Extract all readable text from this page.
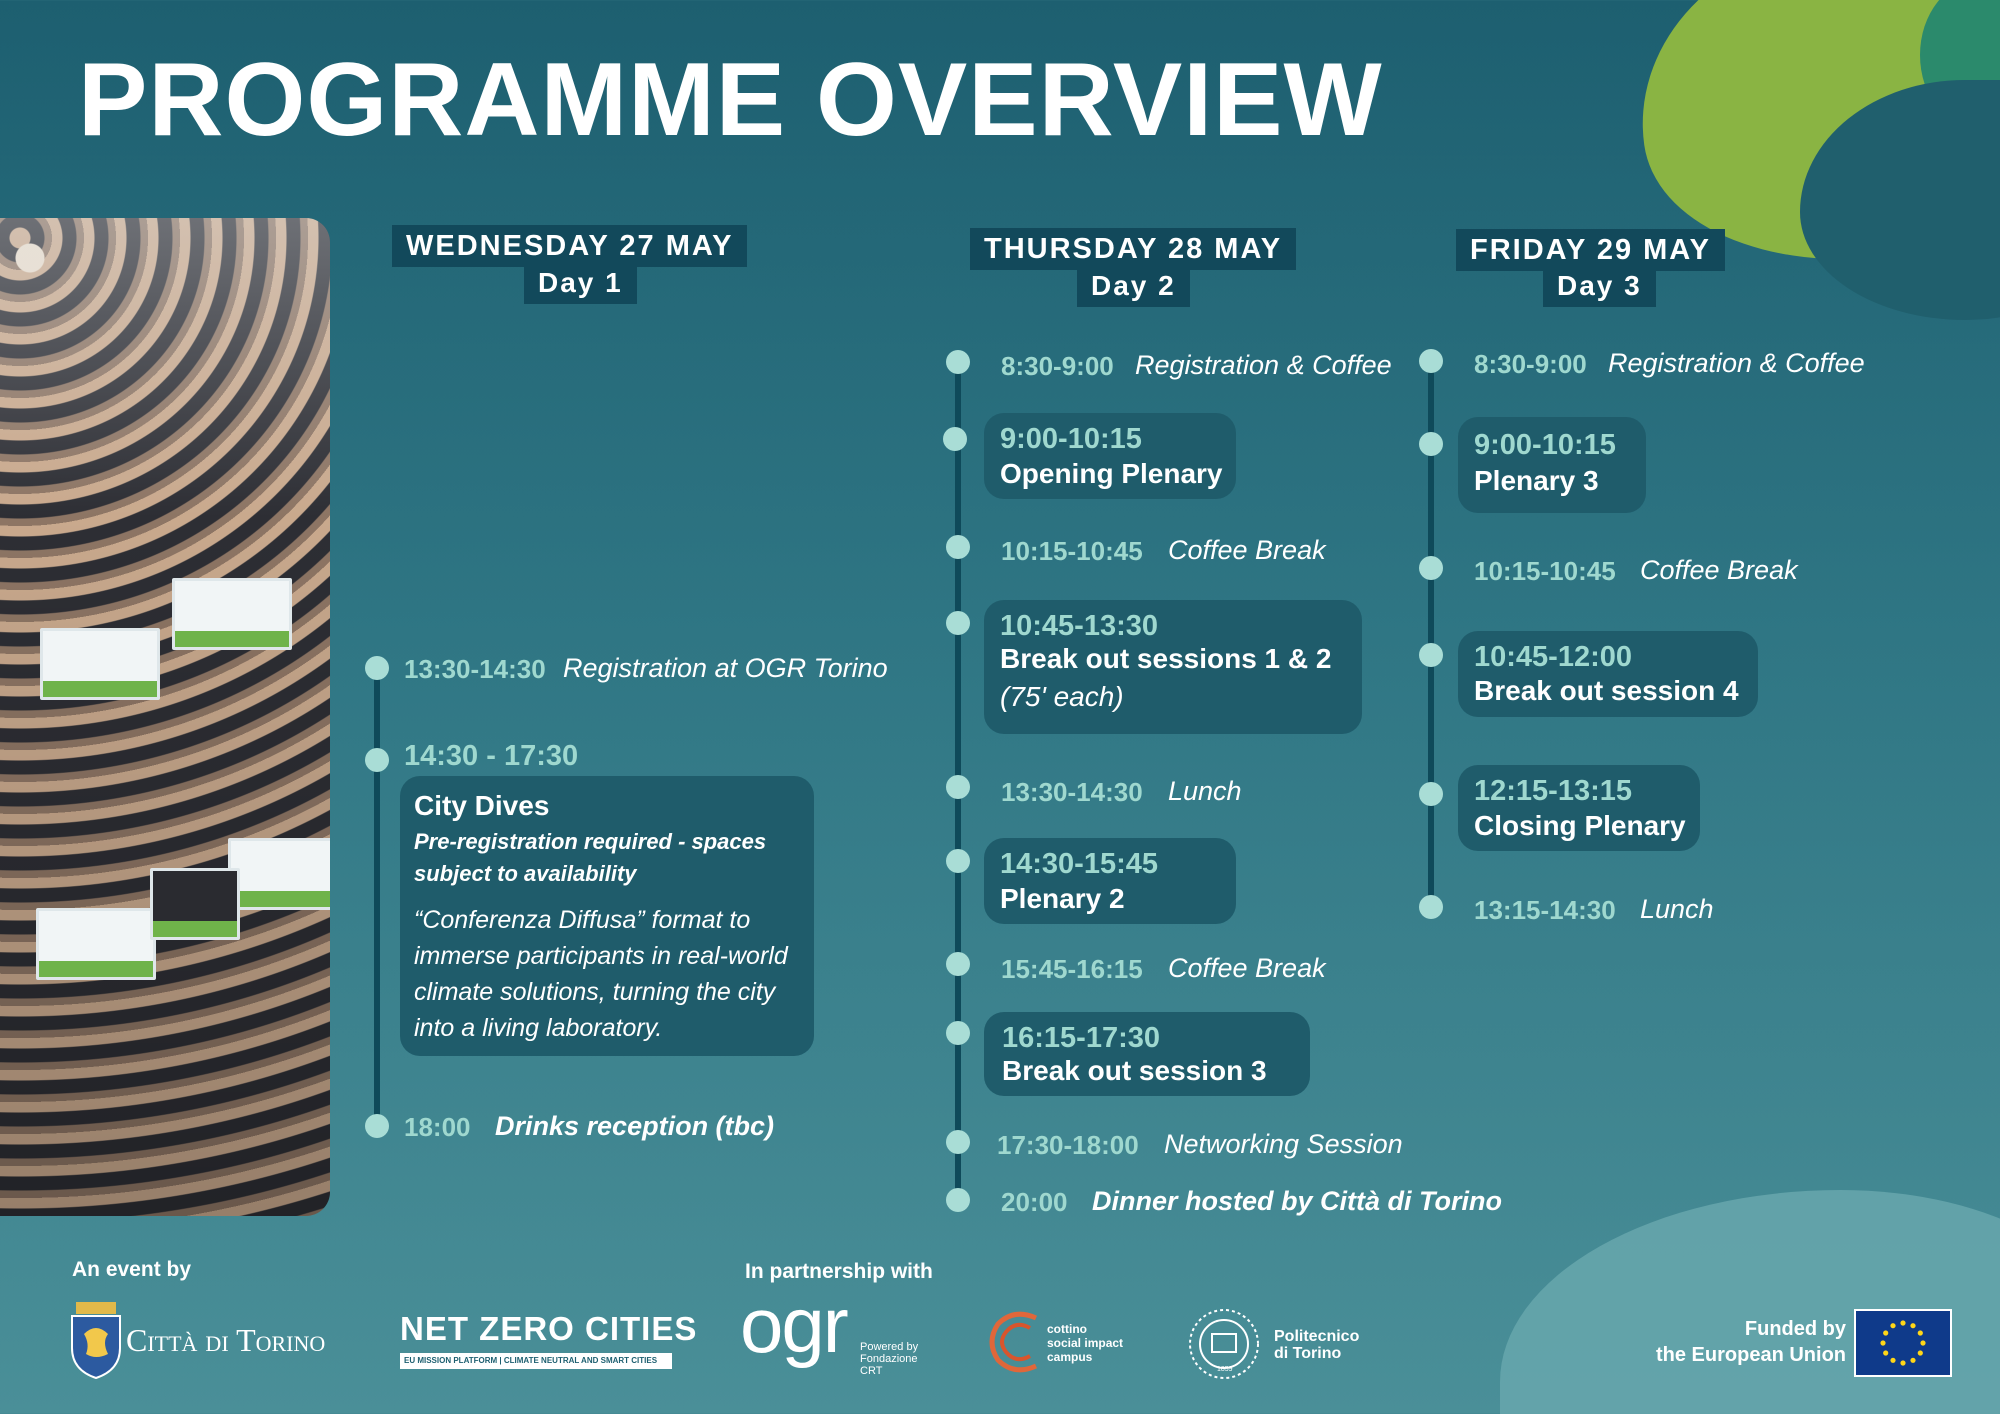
PROGRAMME OVERVIEW
WEDNESDAY 27 MAY
Day 1
13:30-14:30 Registration at OGR Torino
14:30 - 17:30
City Dives
Pre-registration required - spaces subject to availability
“Conferenza Diffusa” format to immerse participants in real-world climate solutions, turning the city into a living laboratory.
18:00 Drinks reception (tbc)
THURSDAY 28 MAY
Day 2
8:30-9:00 Registration & Coffee
9:00-10:15
Opening Plenary
10:15-10:45 Coffee Break
10:45-13:30
Break out sessions 1 & 2
(75' each)
13:30-14:30 Lunch
14:30-15:45
Plenary 2
15:45-16:15 Coffee Break
16:15-17:30
Break out session 3
17:30-18:00 Networking Session
20:00 Dinner hosted by Città di Torino
FRIDAY 29 MAY
Day 3
8:30-9:00 Registration & Coffee
9:00-10:15
Plenary 3
10:15-10:45 Coffee Break
10:45-12:00
Break out session 4
12:15-13:15
Closing Plenary
13:15-14:30 Lunch
An event by	In partnership with
Città di Torino NET ZERO CITIES
EU MISSION PLATFORM | CLIMATE NEUTRAL AND SMART CITIES ogr Powered by
Fondazione
CRT
cottino
social impact
campus
1859
Politecnico
di Torino
Funded by
the European Union
